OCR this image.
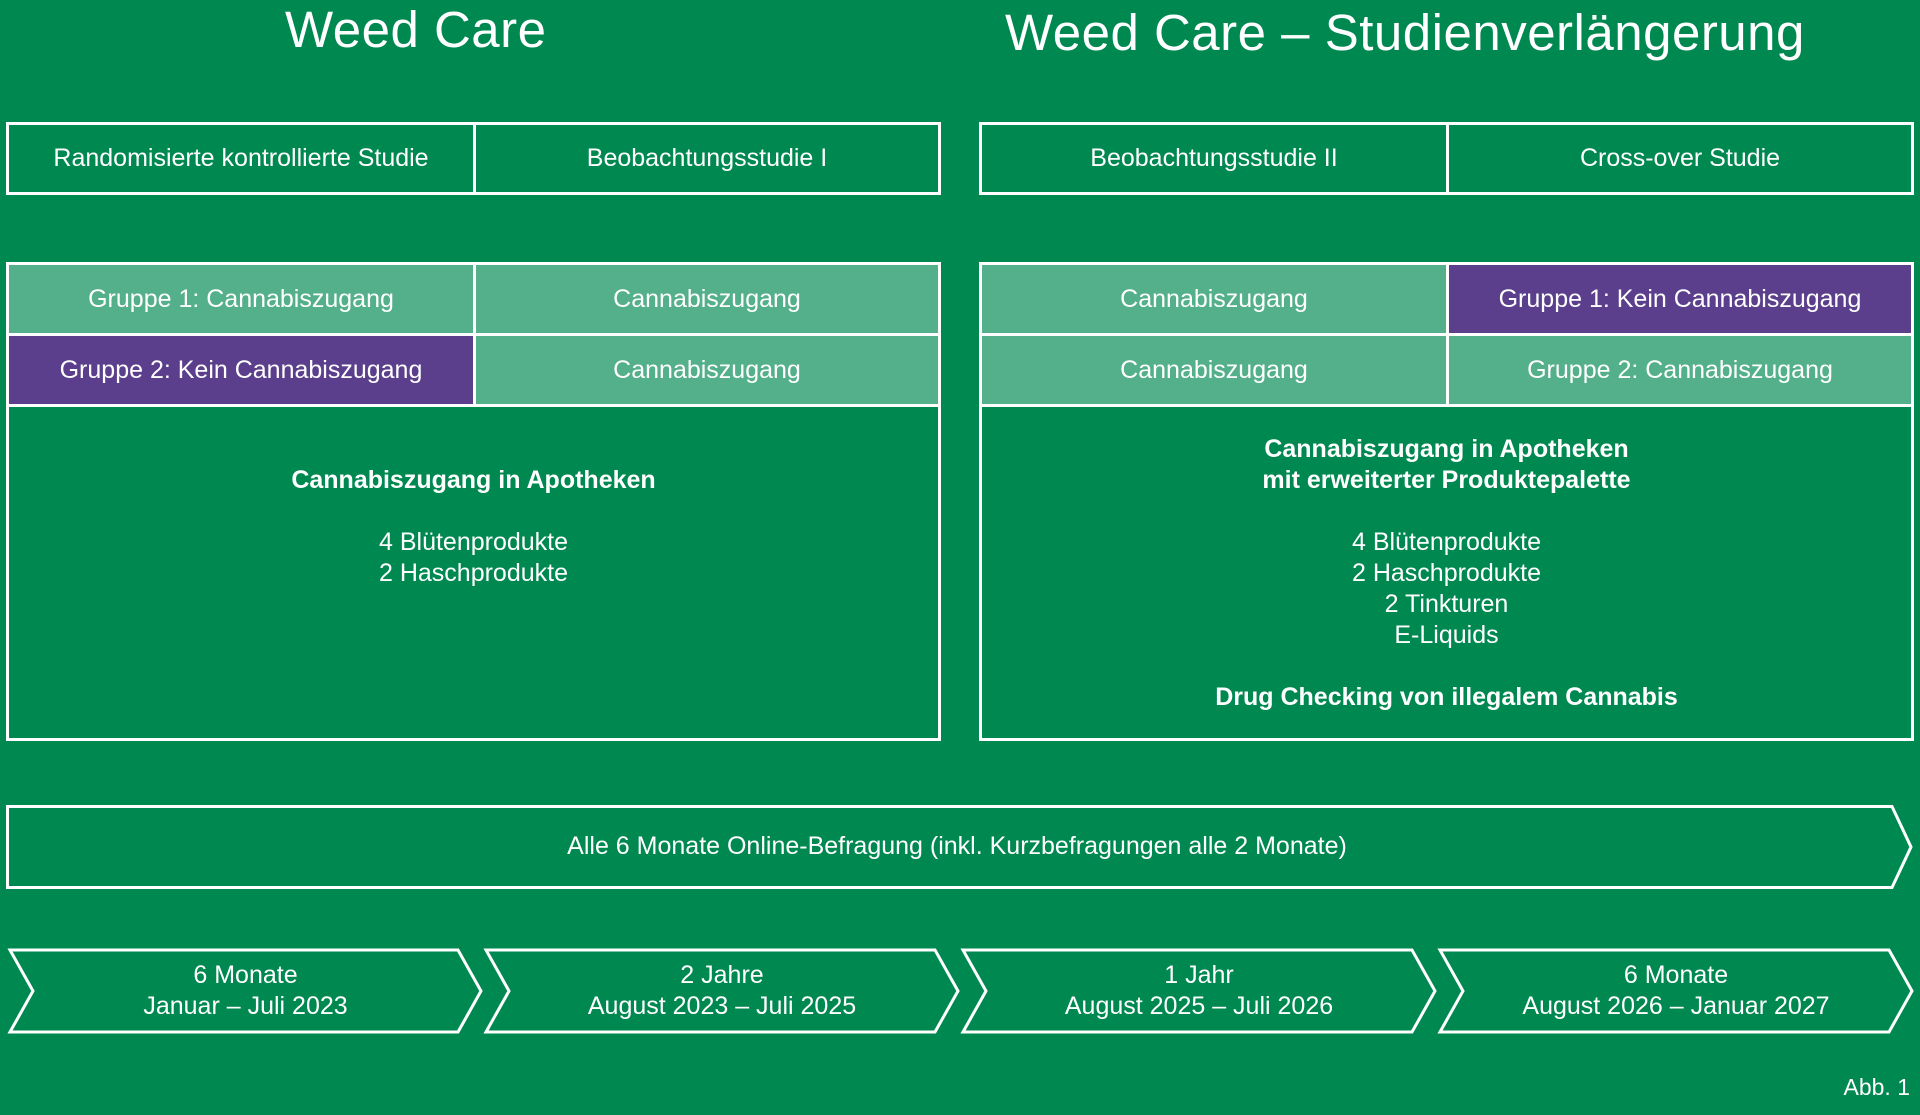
Weed Care	Weed Care – Studienverlängerung
Randomisierte kontrollierte Studie	Beobachtungsstudie I	Beobachtungsstudie II	Cross-over Studie
Gruppe 1: Cannabiszugang	Cannabiszugang
Gruppe 2: Kein Cannabiszugang	Cannabiszugang
Cannabiszugang	Gruppe 1: Kein Cannabiszugang
Cannabiszugang	Gruppe 2: Cannabiszugang
Cannabiszugang in Apotheken
4 Blütenprodukte
2 Haschprodukte
Cannabiszugang in Apotheken
mit erweiterter Produktepalette
4 Blütenprodukte
2 Haschprodukte
2 Tinkturen
E-Liquids
Drug Checking von illegalem Cannabis
Alle 6 Monate Online-Befragung (inkl. Kurzbefragungen alle 2 Monate)
6 Monate
Januar – Juli 2023
2 Jahre
August 2023 – Juli 2025
1 Jahr
August 2025 – Juli 2026
6 Monate
August 2026 – Januar 2027
Abb. 1
